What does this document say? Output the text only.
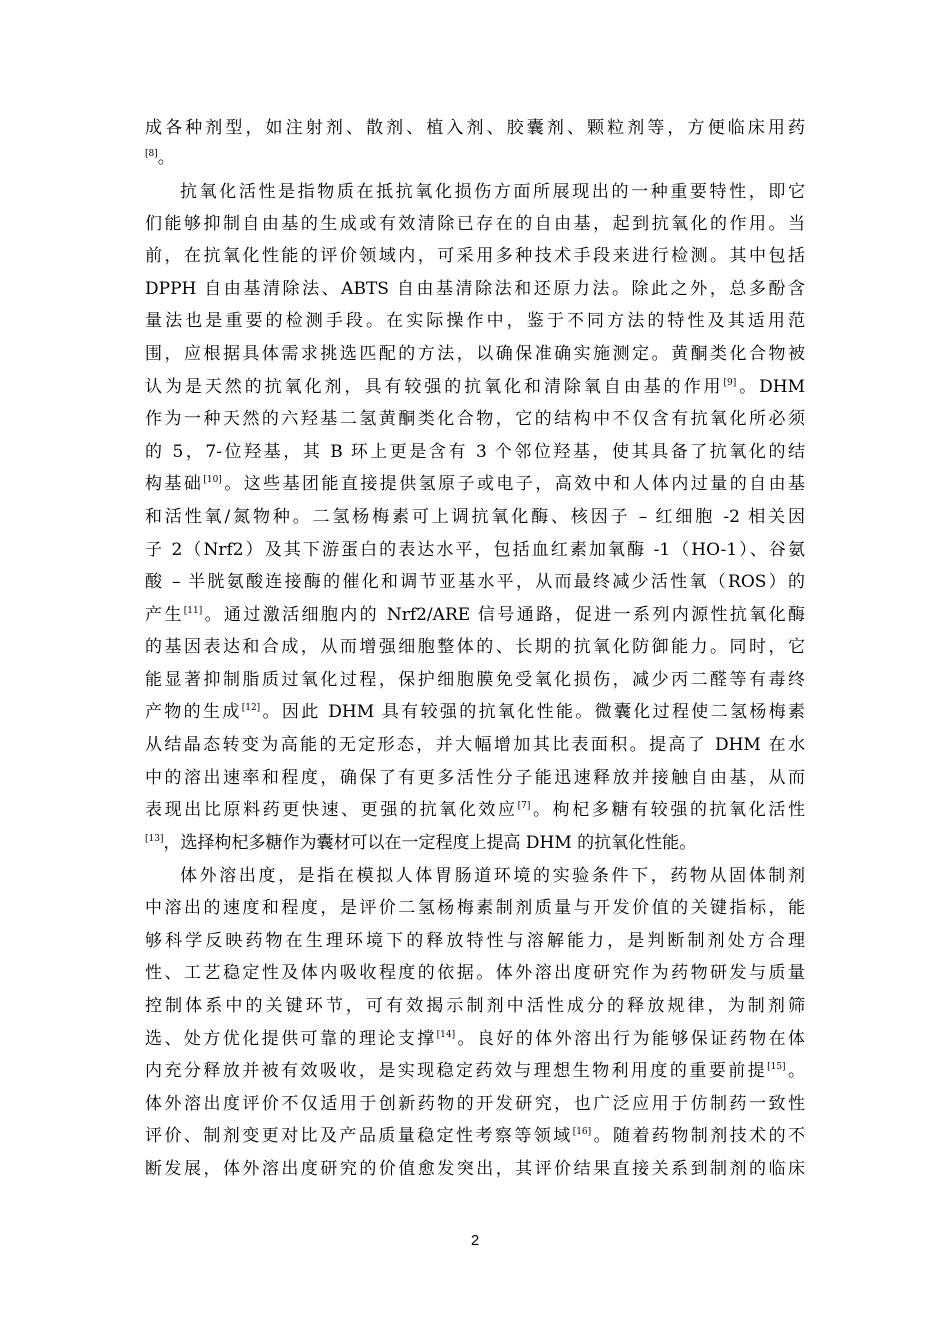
成各种剂型，如注射剂、散剂、植入剂、胶囊剂、颗粒剂等，方便临床用药
[8]。
抗氧化活性是指物质在抵抗氧化损伤方面所展现出的一种重要特性，即它
们能够抑制自由基的生成或有效清除已存在的自由基，起到抗氧化的作用。当
前，在抗氧化性能的评价领域内，可采用多种技术手段来进行检测。其中包括
DPPH 自由基清除法、ABTS 自由基清除法和还原力法。除此之外，总多酚含
量法也是重要的检测手段。在实际操作中，鉴于不同方法的特性及其适用范
围，应根据具体需求挑选匹配的方法，以确保准确实施测定。黄酮类化合物被
认为是天然的抗氧化剂，具有较强的抗氧化和清除氧自由基的作用[9]。DHM
作为一种天然的六羟基二氢黄酮类化合物，它的结构中不仅含有抗氧化所必须
的 5，7-位羟基，其 B 环上更是含有 3 个邻位羟基，使其具备了抗氧化的结
构基础[10]。这些基团能直接提供氢原子或电子，高效中和人体内过量的自由基
和活性氧/氮物种。二氢杨梅素可上调抗氧化酶、核因子 – 红细胞 -2 相关因
子 2（Nrf2）及其下游蛋白的表达水平，包括血红素加氧酶 -1（HO-1）、谷氨
酸 – 半胱氨酸连接酶的催化和调节亚基水平，从而最终减少活性氧（ROS）的
产生[11]。通过激活细胞内的 Nrf2/ARE 信号通路，促进一系列内源性抗氧化酶
的基因表达和合成，从而增强细胞整体的、长期的抗氧化防御能力。同时，它
能显著抑制脂质过氧化过程，保护细胞膜免受氧化损伤，减少丙二醛等有毒终
产物的生成[12]。因此 DHM 具有较强的抗氧化性能。微囊化过程使二氢杨梅素
从结晶态转变为高能的无定形态，并大幅增加其比表面积。提高了 DHM 在水
中的溶出速率和程度，确保了有更多活性分子能迅速释放并接触自由基，从而
表现出比原料药更快速、更强的抗氧化效应[7]。枸杞多糖有较强的抗氧化活性
[13]，选择枸杞多糖作为囊材可以在一定程度上提高 DHM 的抗氧化性能。
体外溶出度，是指在模拟人体胃肠道环境的实验条件下，药物从固体制剂
中溶出的速度和程度，是评价二氢杨梅素制剂质量与开发价值的关键指标，能
够科学反映药物在生理环境下的释放特性与溶解能力，是判断制剂处方合理
性、工艺稳定性及体内吸收程度的依据。体外溶出度研究作为药物研发与质量
控制体系中的关键环节，可有效揭示制剂中活性成分的释放规律，为制剂筛
选、处方优化提供可靠的理论支撑[14]。良好的体外溶出行为能够保证药物在体
内充分释放并被有效吸收，是实现稳定药效与理想生物利用度的重要前提[15]。
体外溶出度评价不仅适用于创新药物的开发研究，也广泛应用于仿制药一致性
评价、制剂变更对比及产品质量稳定性考察等领域[16]。随着药物制剂技术的不
断发展，体外溶出度研究的价值愈发突出，其评价结果直接关系到制剂的临床
2
